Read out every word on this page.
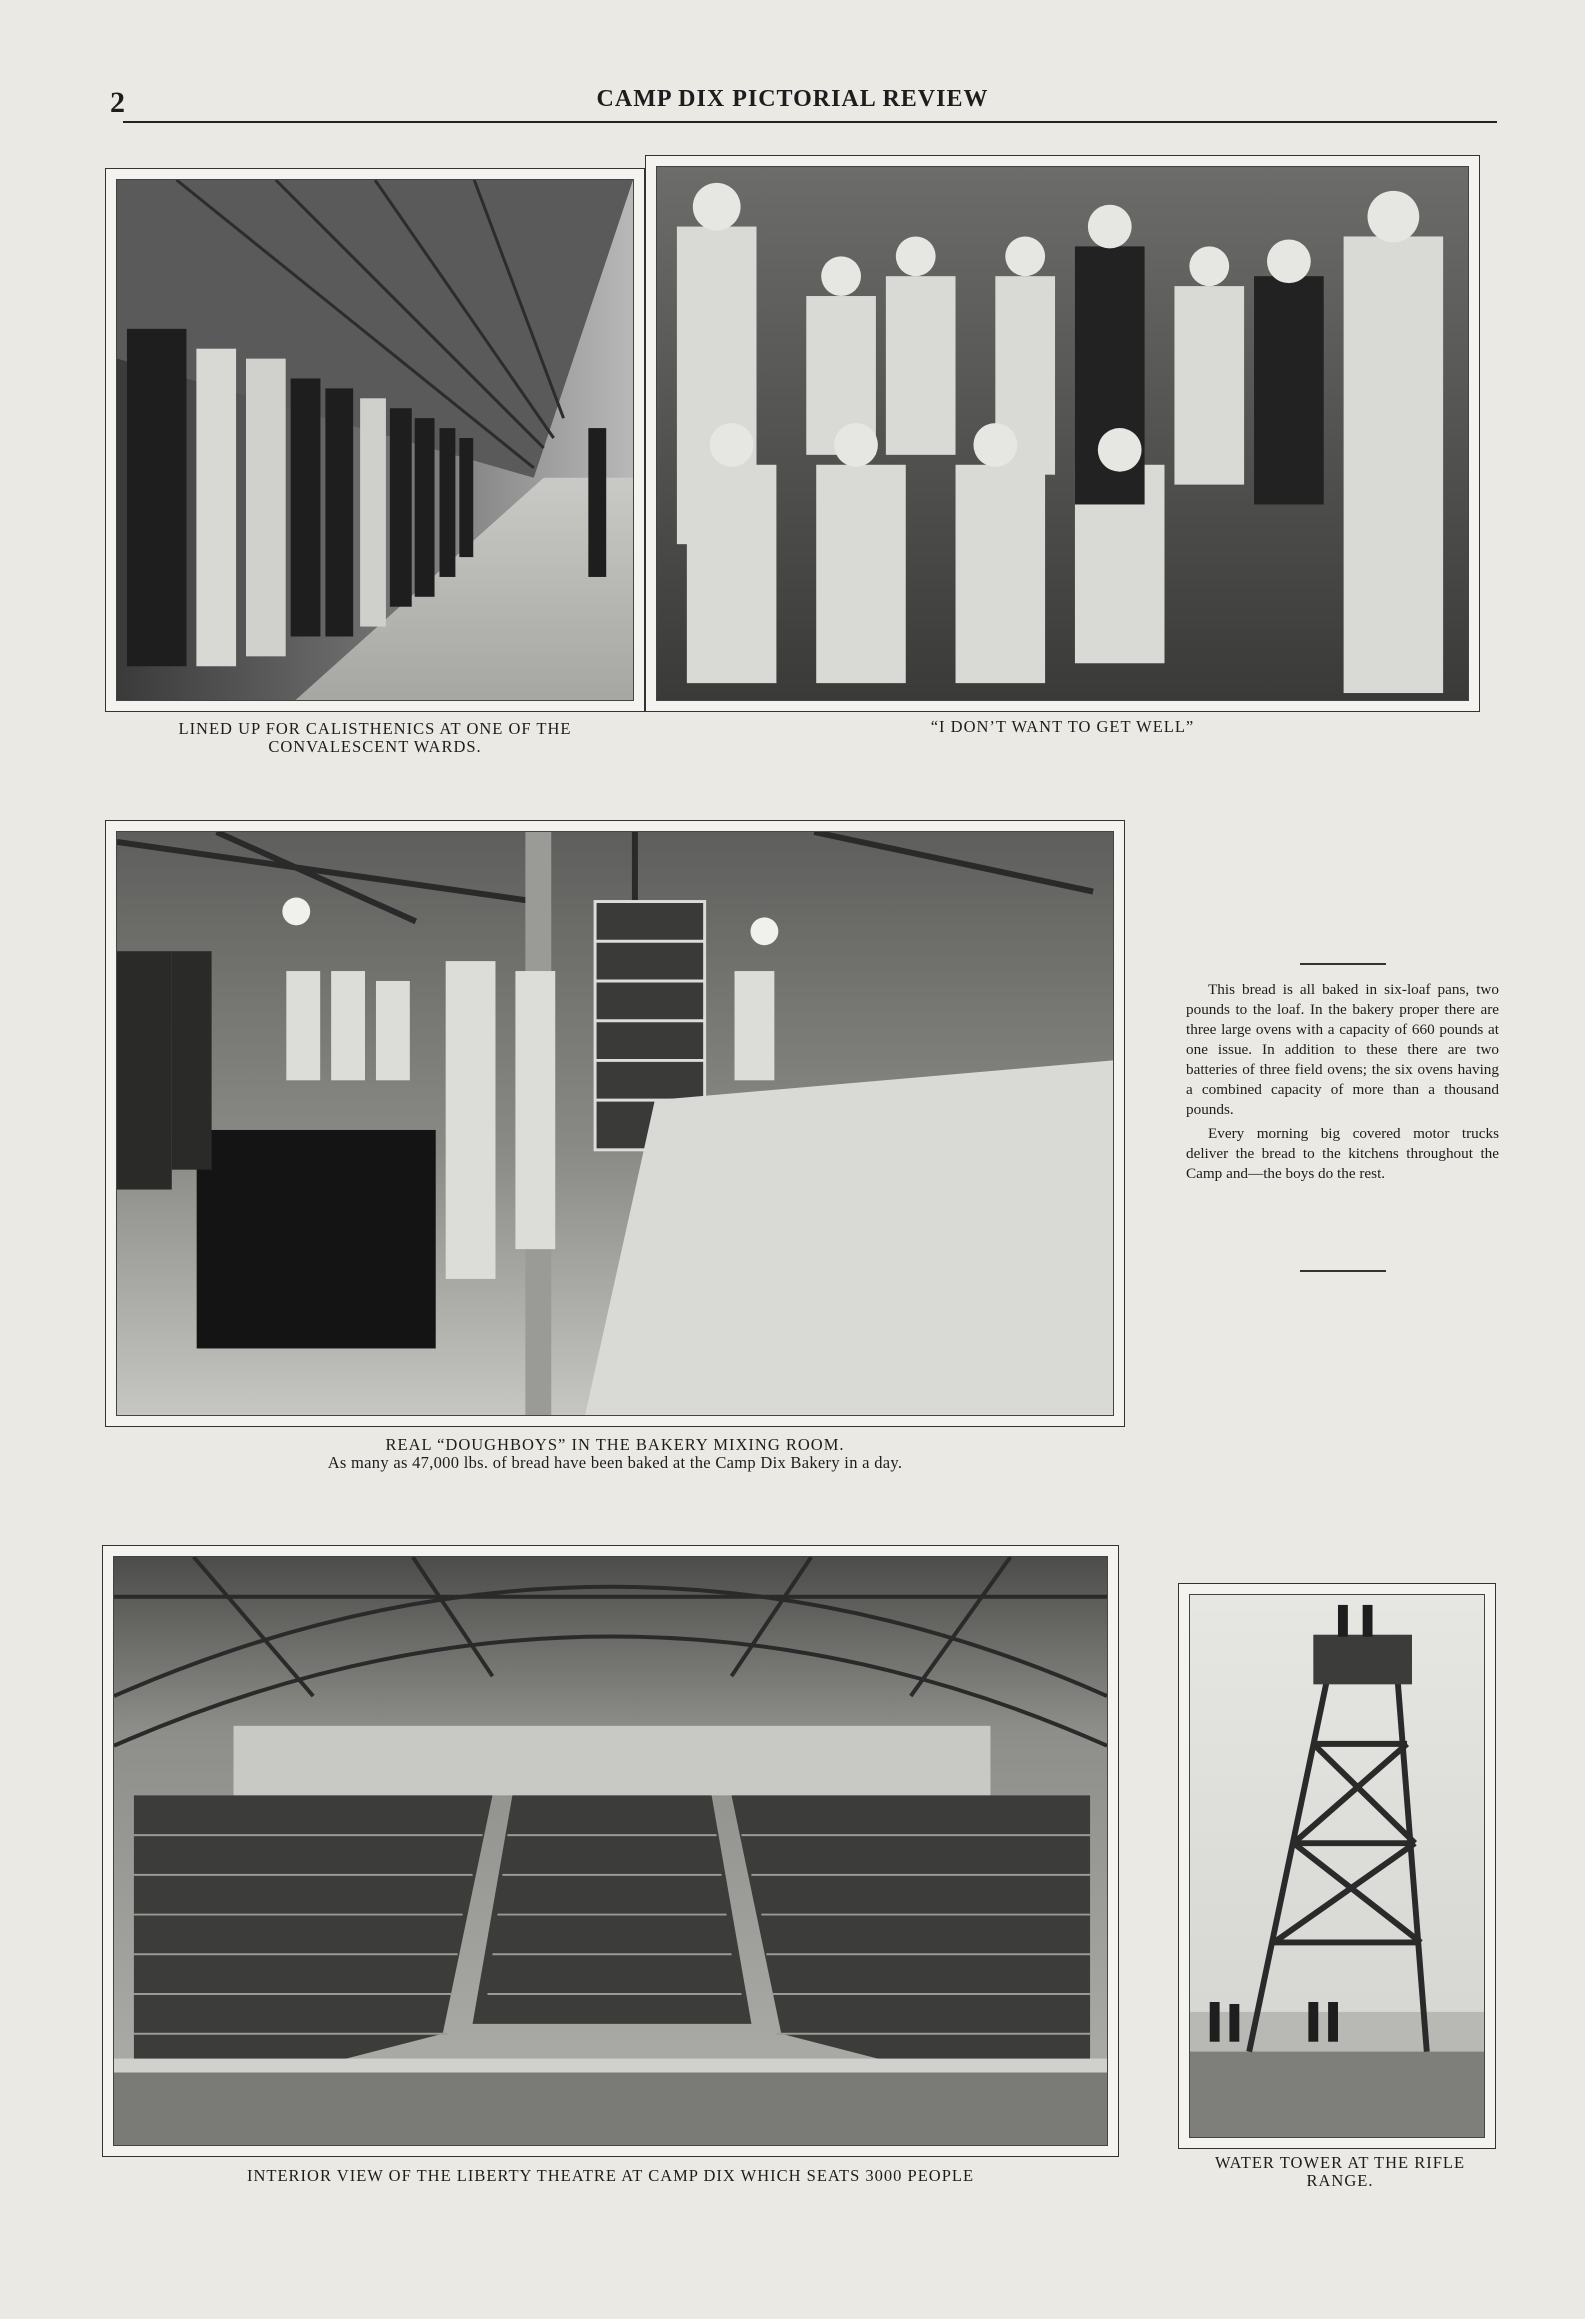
2	CAMP DIX PICTORIAL REVIEW
LINED UP FOR CALISTHENICS AT ONE OF THE
CONVALESCENT WARDS.
“I DON’T WANT TO GET WELL”
REAL “DOUGHBOYS” IN THE BAKERY MIXING ROOM.
As many as 47,000 lbs. of bread have been baked at the Camp Dix Bakery in a day.

This bread is all baked in six-loaf pans, two pounds to the loaf. In the bakery proper there are three large ovens with a capacity of 660 pounds at one issue. In addition to these there are two batteries of three field ovens; the six ovens having a combined capacity of more than a thousand pounds.

Every morning big covered motor trucks deliver the bread to the kitchens throughout the Camp and—the boys do the rest.

INTERIOR VIEW OF THE LIBERTY THEATRE AT CAMP DIX WHICH SEATS 3000 PEOPLE
WATER TOWER AT THE RIFLE
RANGE.
